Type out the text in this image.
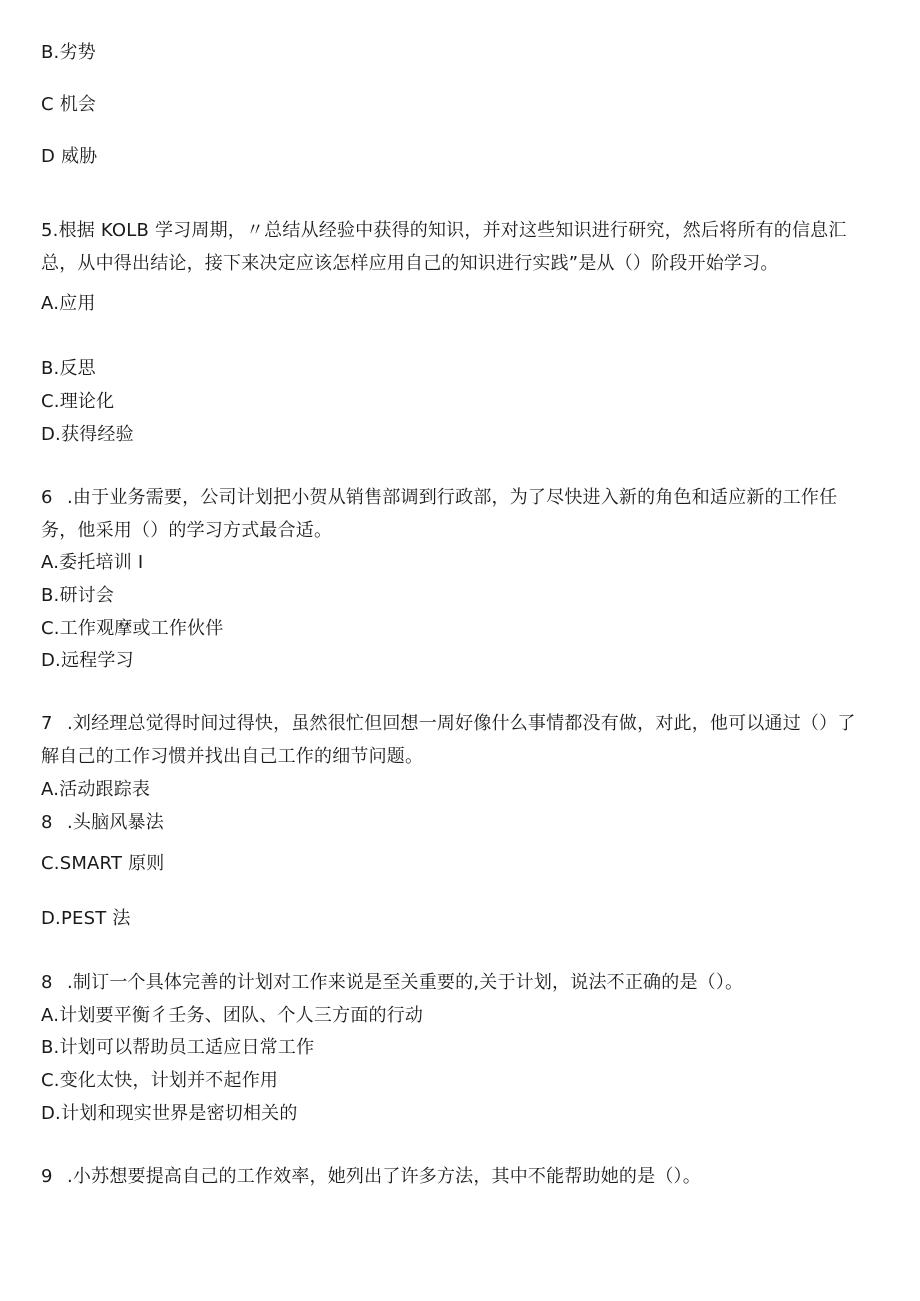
B.劣势
C 机会
D 威胁
5.根据 KOLB 学习周期，〃总结从经验中获得的知识，并对这些知识进行研究，然后将所有的信息汇
总，从中得出结论，接下来决定应该怎样应用自己的知识进行实践”是从（）阶段开始学习。
A.应用
B.反思
C.理论化
D.获得经验
6 .由于业务需要，公司计划把小贺从销售部调到行政部，为了尽快进入新的角色和适应新的工作任
务，他采用（）的学习方式最合适。
A.委托培训 I
B.研讨会
C.工作观摩或工作伙伴
D.远程学习
7 .刘经理总觉得时间过得快，虽然很忙但回想一周好像什么事情都没有做，对此，他可以通过（）了
解自己的工作习惯并找出自己工作的细节问题。
A.活动跟踪表
8 .头脑风暴法
C.SMART 原则
D.PEST 法
8 .制订一个具体完善的计划对工作来说是至关重要的,关于计划，说法不正确的是（）。
A.计划要平衡彳壬务、团队、个人三方面的行动
B.计划可以帮助员工适应日常工作
C.变化太快，计划并不起作用
D.计划和现实世界是密切相关的
9 .小苏想要提高自己的工作效率，她列出了许多方法，其中不能帮助她的是（）。
